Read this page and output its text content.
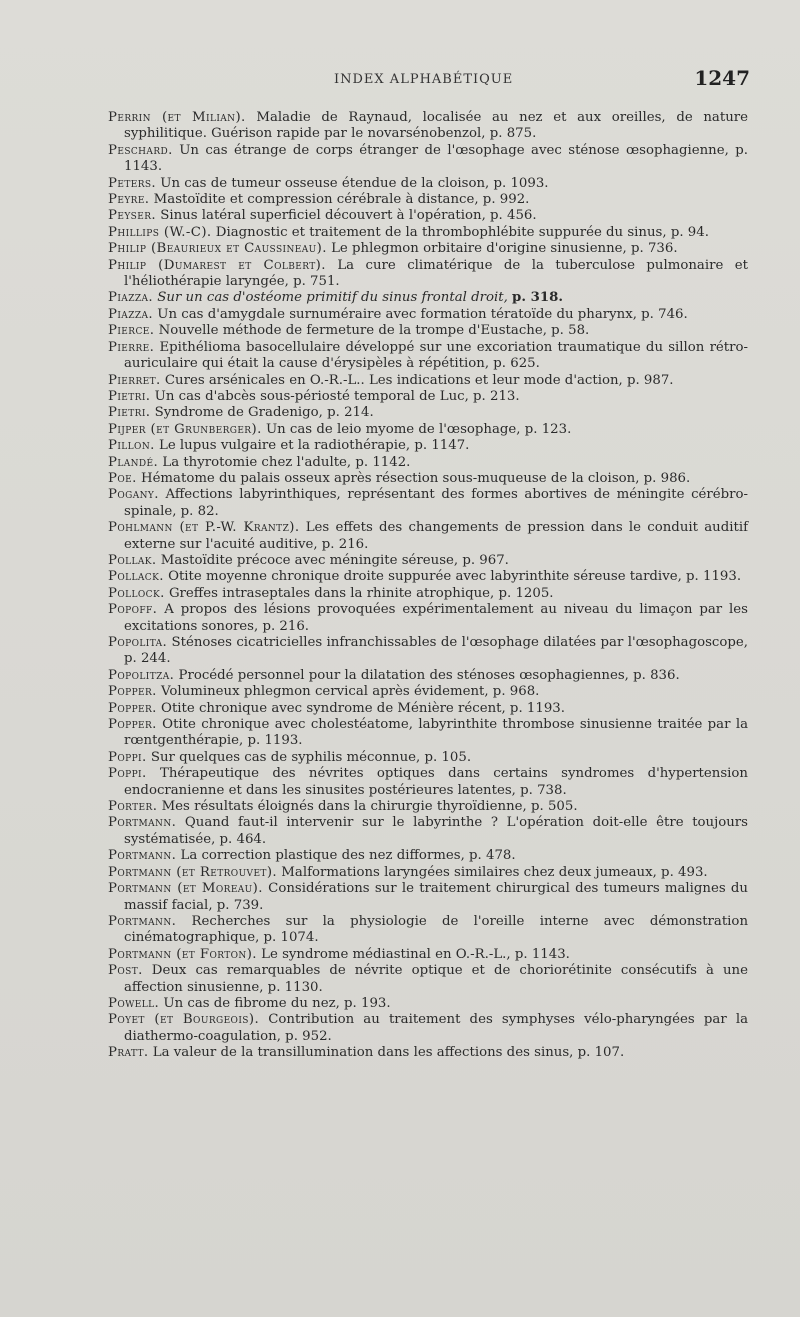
INDEX ALPHABÉTIQUE	1247

Perrin (et Milian). Maladie de Raynaud, localisée au nez et aux oreilles, de nature syphilitique. Guérison rapide par le novarsénobenzol, p. 875.

Peschard. Un cas étrange de corps étranger de l'œsophage avec sténose œsophagienne, p. 1143.

Peters. Un cas de tumeur osseuse étendue de la cloison, p. 1093.

Peyre. Mastoïdite et compression cérébrale à distance, p. 992.

Peyser. Sinus latéral superficiel découvert à l'opération, p. 456.

Phillips (W.-C). Diagnostic et traitement de la thrombophlébite suppurée du sinus, p. 94.

Philip (Beaurieux et Caussineau). Le phlegmon orbitaire d'origine sinusienne, p. 736.

Philip (Dumarest et Colbert). La cure climatérique de la tuberculose pulmonaire et l'héliothérapie laryngée, p. 751.

Piazza. Sur un cas d'ostéome primitif du sinus frontal droit, p. 318.

Piazza. Un cas d'amygdale surnuméraire avec formation tératoïde du pharynx, p. 746.

Pierce. Nouvelle méthode de fermeture de la trompe d'Eustache, p. 58.

Pierre. Epithélioma basocellulaire développé sur une excoriation traumatique du sillon rétro-auriculaire qui était la cause d'érysipèles à répétition, p. 625.

Pierret. Cures arsénicales en O.-R.-L.. Les indications et leur mode d'action, p. 987.

Pietri. Un cas d'abcès sous-périosté temporal de Luc, p. 213.

Pietri. Syndrome de Gradenigo, p. 214.

Pijper (et Grunberger). Un cas de leio myome de l'œsophage, p. 123.

Pillon. Le lupus vulgaire et la radiothérapie, p. 1147.

Plandé. La thyrotomie chez l'adulte, p. 1142.

Poe. Hématome du palais osseux après résection sous-muqueuse de la cloison, p. 986.

Pogany. Affections labyrinthiques, représentant des formes abortives de méningite cérébro-spinale, p. 82.

Pohlmann (et P.-W. Krantz). Les effets des changements de pression dans le conduit auditif externe sur l'acuité auditive, p. 216.

Pollak. Mastoïdite précoce avec méningite séreuse, p. 967.

Pollack. Otite moyenne chronique droite suppurée avec labyrinthite séreuse tardive, p. 1193.

Pollock. Greffes intraseptales dans la rhinite atrophique, p. 1205.

Popoff. A propos des lésions provoquées expérimentalement au niveau du limaçon par les excitations sonores, p. 216.

Popolita. Sténoses cicatricielles infranchissables de l'œsophage dilatées par l'œsophagoscope, p. 244.

Popolitza. Procédé personnel pour la dilatation des sténoses œsophagiennes, p. 836.

Popper. Volumineux phlegmon cervical après évidement, p. 968.

Popper. Otite chronique avec syndrome de Ménière récent, p. 1193.

Popper. Otite chronique avec cholestéatome, labyrinthite thrombose sinusienne traitée par la rœntgenthérapie, p. 1193.

Poppi. Sur quelques cas de syphilis méconnue, p. 105.

Poppi. Thérapeutique des névrites optiques dans certains syndromes d'hypertension endocranienne et dans les sinusites postérieures latentes, p. 738.

Porter. Mes résultats éloignés dans la chirurgie thyroïdienne, p. 505.

Portmann. Quand faut-il intervenir sur le labyrinthe ? L'opération doit-elle être toujours systématisée, p. 464.

Portmann. La correction plastique des nez difformes, p. 478.

Portmann (et Retrouvet). Malformations laryngées similaires chez deux jumeaux, p. 493.

Portmann (et Moreau). Considérations sur le traitement chirurgical des tumeurs malignes du massif facial, p. 739.

Portmann. Recherches sur la physiologie de l'oreille interne avec démonstration cinématographique, p. 1074.

Portmann (et Forton). Le syndrome médiastinal en O.-R.-L., p. 1143.

Post. Deux cas remarquables de névrite optique et de choriorétinite consécutifs à une affection sinusienne, p. 1130.

Powell. Un cas de fibrome du nez, p. 193.

Poyet (et Bourgeois). Contribution au traitement des symphyses vélo-pharyngées par la diathermo-coagulation, p. 952.

Pratt. La valeur de la transillumination dans les affections des sinus, p. 107.
